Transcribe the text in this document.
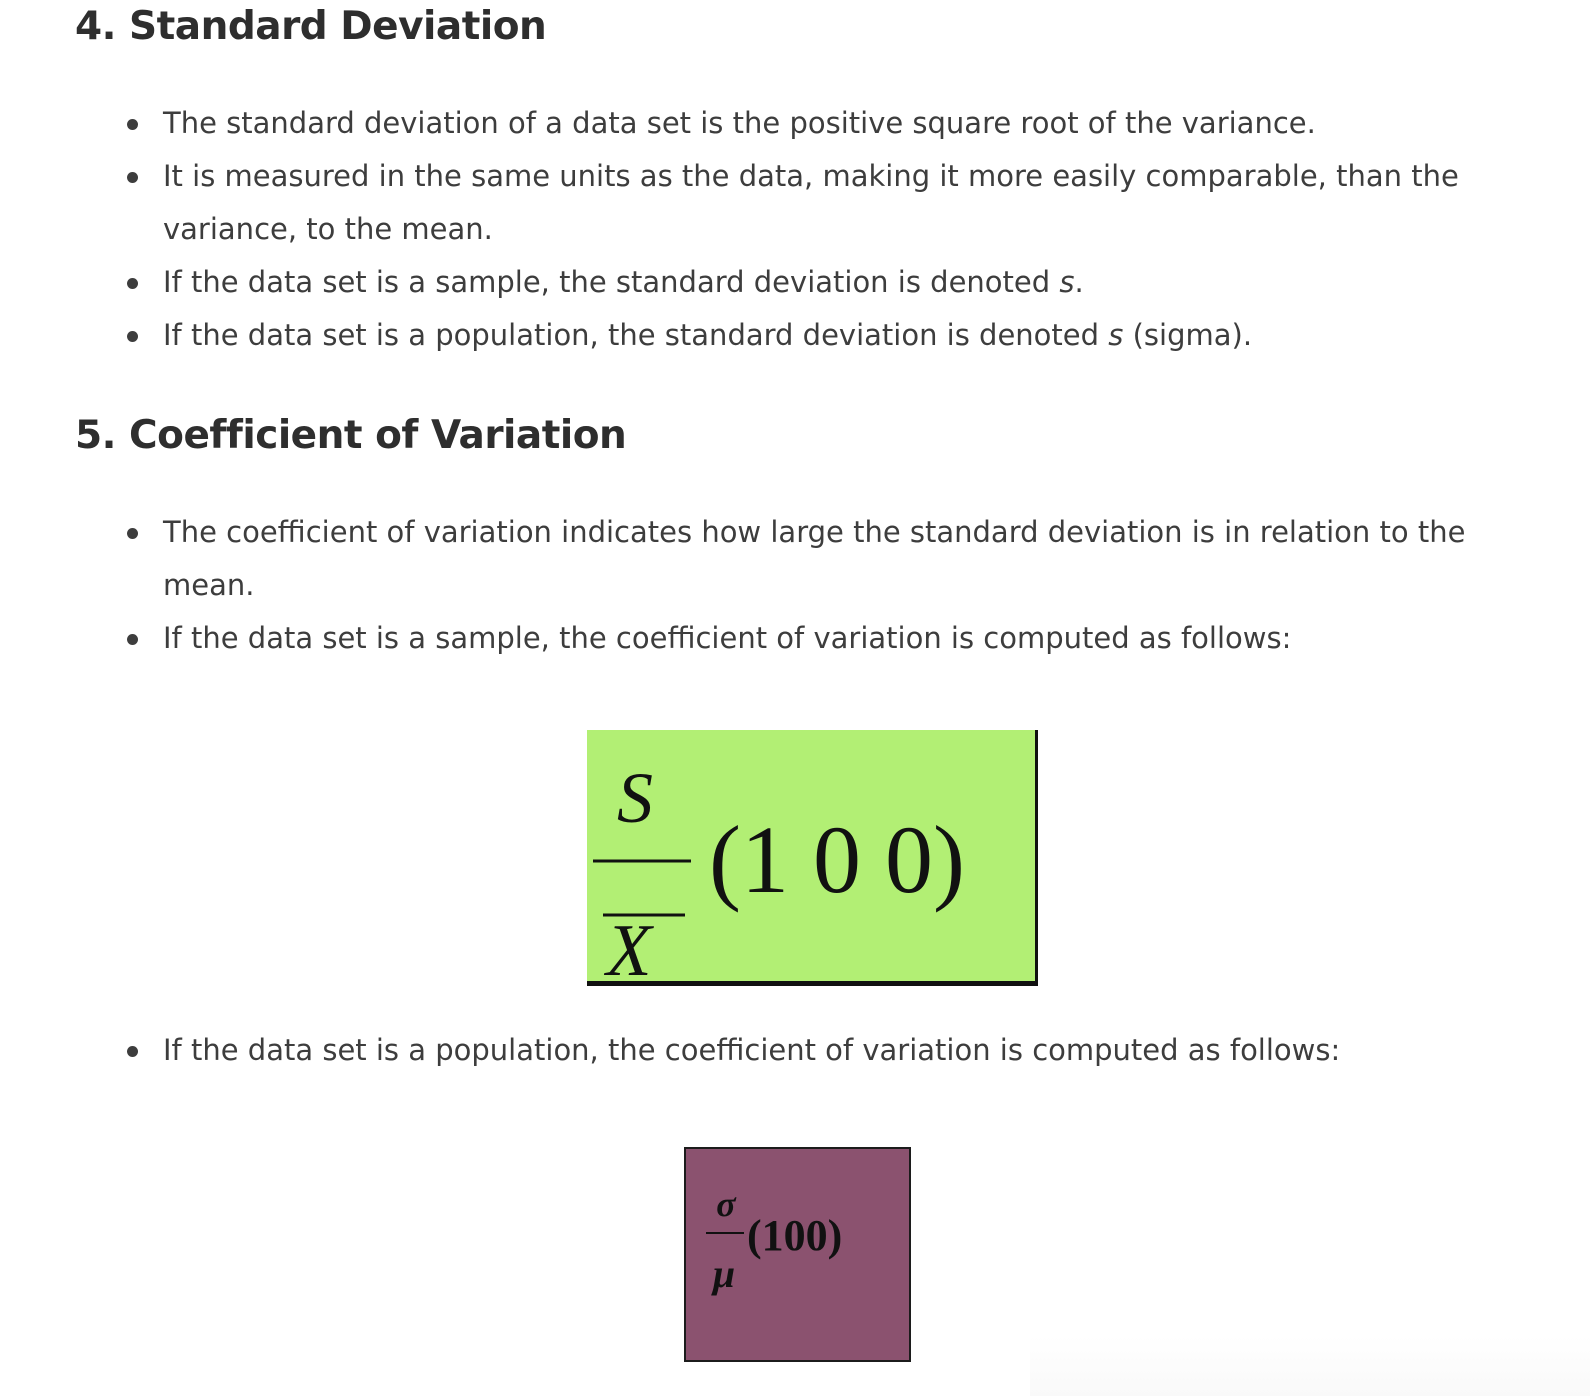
4. Standard Deviation
The standard deviation of a data set is the positive square root of the variance.
It is measured in the same units as the data, making it more easily comparable, than the variance, to the mean.
If the data set is a sample, the standard deviation is denoted s.
If the data set is a population, the standard deviation is denoted s (sigma).
5. Coefficient of Variation
The coefficient of variation indicates how large the standard deviation is in relation to the mean.
If the data set is a sample, the coefficient of variation is computed as follows:
S
X
(1 0 0)
If the data set is a population, the coefficient of variation is computed as follows:
σ
μ
(100)
